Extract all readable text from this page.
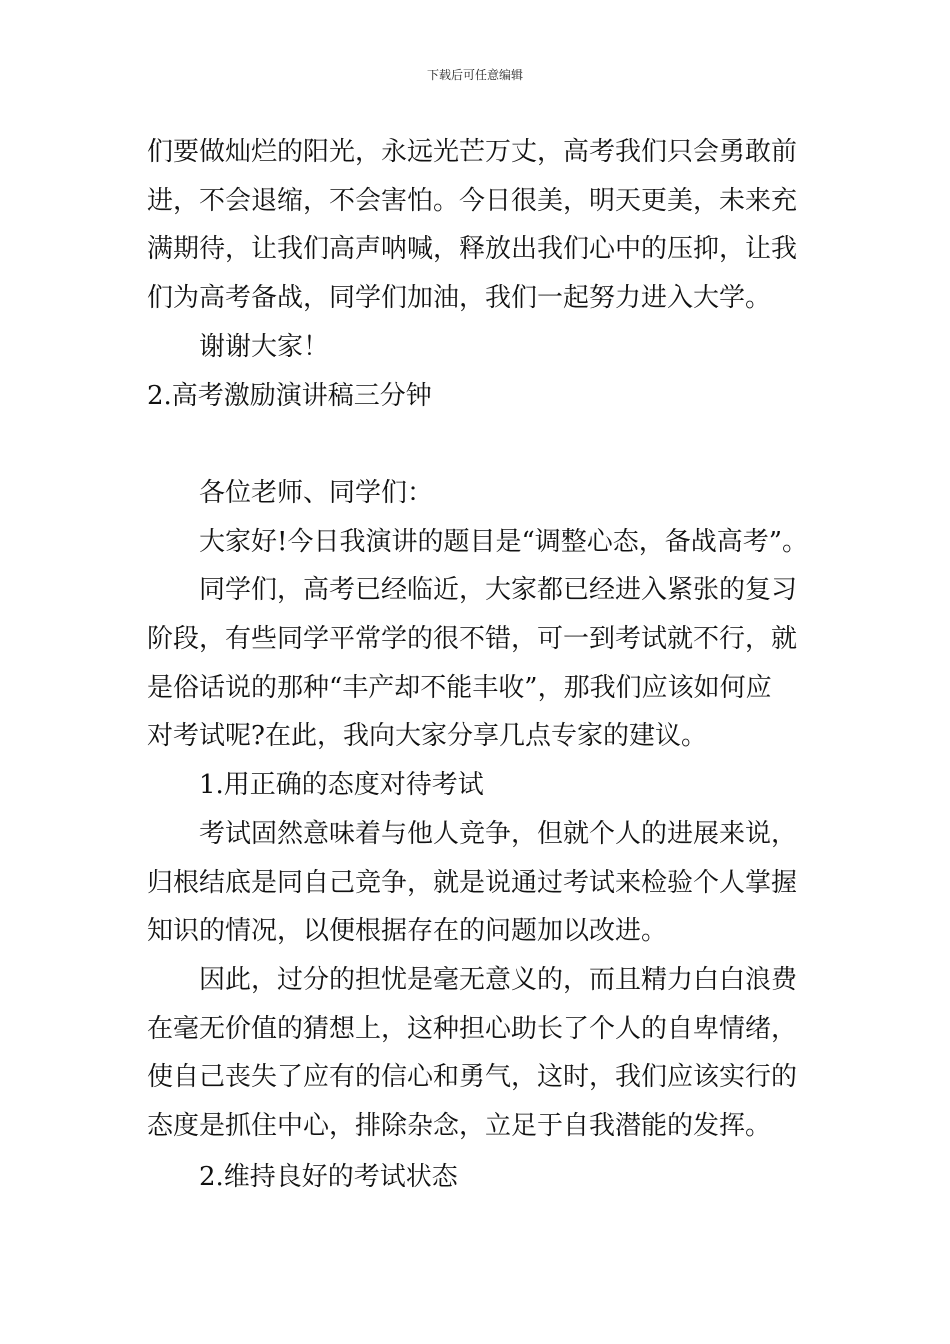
下载后可任意编辑

们要做灿烂的阳光，永远光芒万丈，高考我们只会勇敢前

进，不会退缩，不会害怕。今日很美，明天更美，未来充

满期待，让我们高声呐喊，释放出我们心中的压抑，让我

们为高考备战，同学们加油，我们一起努力进入大学。

谢谢大家！

2.高考激励演讲稿三分钟

各位老师、同学们：

大家好!今日我演讲的题目是“调整心态，备战高考”。

同学们，高考已经临近，大家都已经进入紧张的复习

阶段，有些同学平常学的很不错，可一到考试就不行，就

是俗话说的那种“丰产却不能丰收”，那我们应该如何应

对考试呢?在此，我向大家分享几点专家的建议。

1.用正确的态度对待考试

考试固然意味着与他人竞争，但就个人的进展来说，

归根结底是同自己竞争，就是说通过考试来检验个人掌握

知识的情况，以便根据存在的问题加以改进。

因此，过分的担忧是毫无意义的，而且精力白白浪费

在毫无价值的猜想上，这种担心助长了个人的自卑情绪，

使自己丧失了应有的信心和勇气，这时，我们应该实行的

态度是抓住中心，排除杂念，立足于自我潜能的发挥。

2.维持良好的考试状态
